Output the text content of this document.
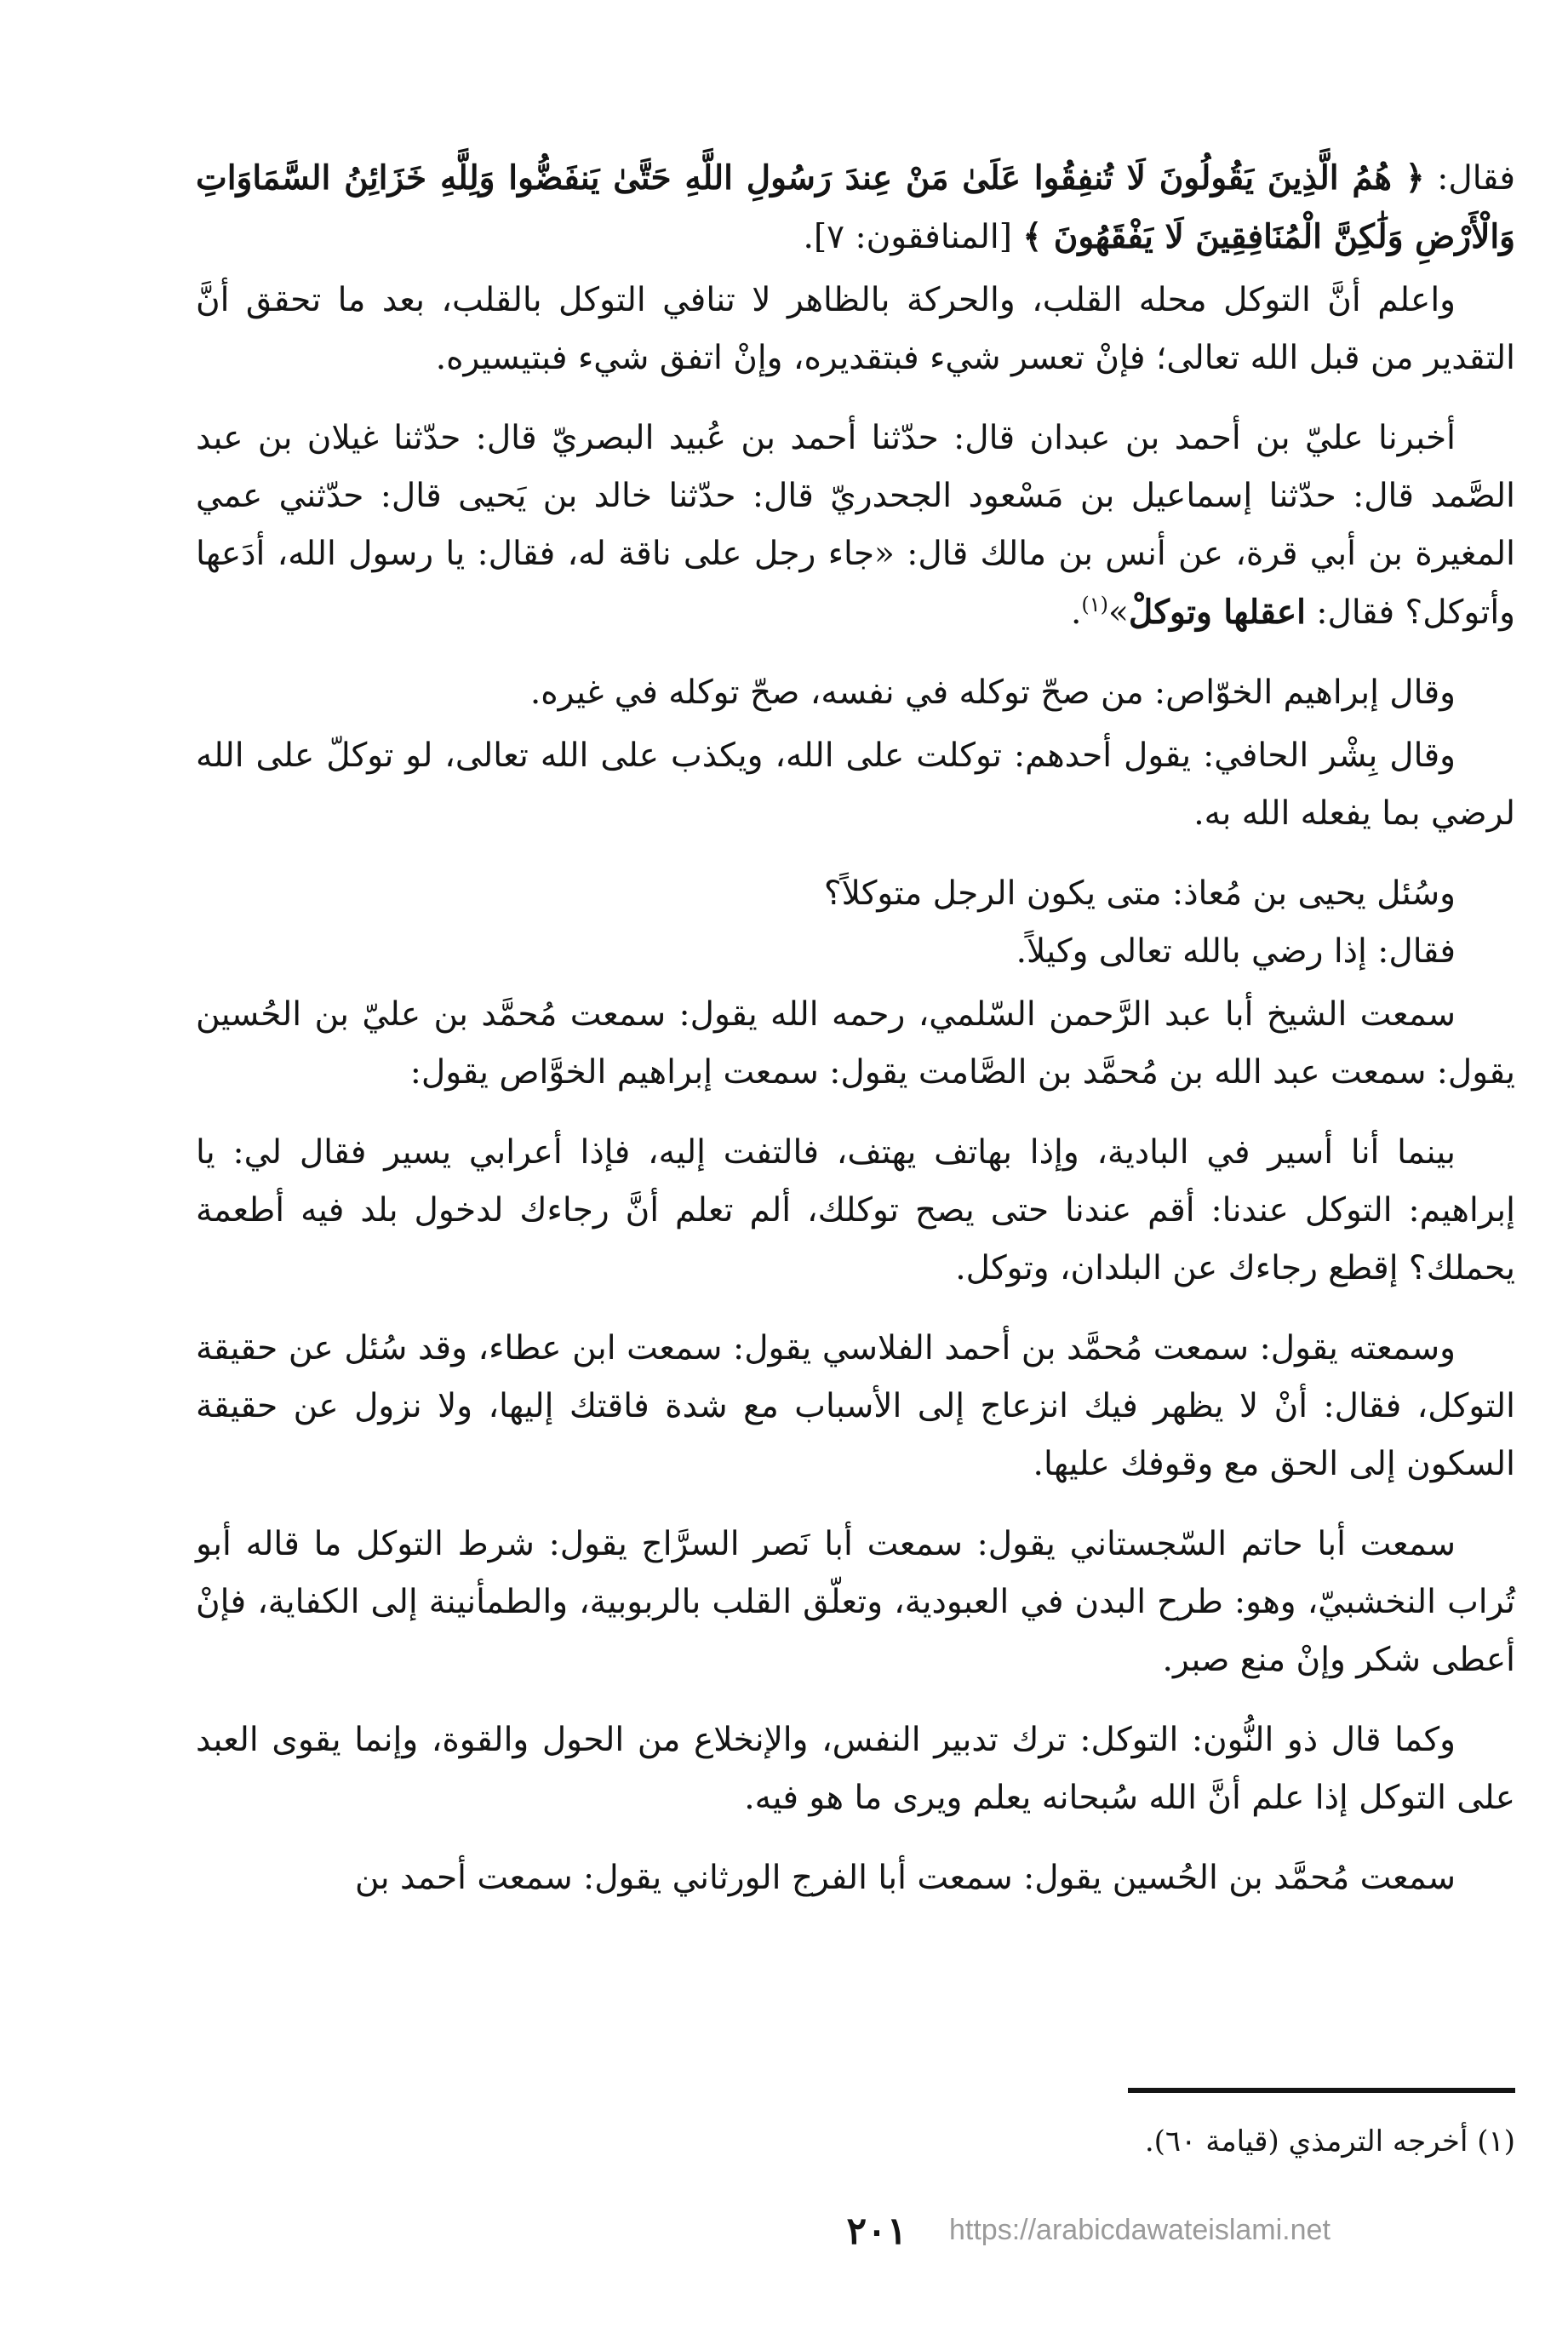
فقال: ﴿ هُمُ الَّذِينَ يَقُولُونَ لَا تُنفِقُوا عَلَىٰ مَنْ عِندَ رَسُولِ اللَّهِ حَتَّىٰ يَنفَضُّوا وَلِلَّهِ خَزَائِنُ السَّمَاوَاتِ وَالْأَرْضِ وَلَٰكِنَّ الْمُنَافِقِينَ لَا يَفْقَهُونَ ﴾ [المنافقون: ٧].

واعلم أنَّ التوكل محله القلب، والحركة بالظاهر لا تنافي التوكل بالقلب، بعد ما تحقق أنَّ التقدير من قبل الله تعالى؛ فإنْ تعسر شيء فبتقديره، وإنْ اتفق شيء فبتيسيره.

أخبرنا عليّ بن أحمد بن عبدان قال: حدّثنا أحمد بن عُبيد البصريّ قال: حدّثنا غيلان بن عبد الصَّمد قال: حدّثنا إسماعيل بن مَسْعود الجحدريّ قال: حدّثنا خالد بن يَحيى قال: حدّثني عمي المغيرة بن أبي قرة، عن أنس بن مالك قال: «جاء رجل على ناقة له، فقال: يا رسول الله، أدَعها وأتوكل؟ فقال: اعقلها وتوكلْ»$^{(١)}$.

وقال إبراهيم الخوّاص: من صحّ توكله في نفسه، صحّ توكله في غيره.

وقال بِشْر الحافي: يقول أحدهم: توكلت على الله، ويكذب على الله تعالى، لو توكلّ على الله لرضي بما يفعله الله به.

وسُئل يحيى بن مُعاذ: متى يكون الرجل متوكلاً؟

فقال: إذا رضي بالله تعالى وكيلاً.

سمعت الشيخ أبا عبد الرَّحمن السّلمي، رحمه الله يقول: سمعت مُحمَّد بن عليّ بن الحُسين يقول: سمعت عبد الله بن مُحمَّد بن الصَّامت يقول: سمعت إبراهيم الخوَّاص يقول:

بينما أنا أسير في البادية، وإذا بهاتف يهتف، فالتفت إليه، فإذا أعرابي يسير فقال لي: يا إبراهيم: التوكل عندنا: أقم عندنا حتى يصح توكلك، ألم تعلم أنَّ رجاءك لدخول بلد فيه أطعمة يحملك؟ إقطع رجاءك عن البلدان، وتوكل.

وسمعته يقول: سمعت مُحمَّد بن أحمد الفلاسي يقول: سمعت ابن عطاء، وقد سُئل عن حقيقة التوكل، فقال: أنْ لا يظهر فيك انزعاج إلى الأسباب مع شدة فاقتك إليها، ولا نزول عن حقيقة السكون إلى الحق مع وقوفك عليها.

سمعت أبا حاتم السّجستاني يقول: سمعت أبا نَصر السرَّاج يقول: شرط التوكل ما قاله أبو تُراب النخشبيّ، وهو: طرح البدن في العبودية، وتعلّق القلب بالربوبية، والطمأنينة إلى الكفاية، فإنْ أعطى شكر وإنْ منع صبر.

وكما قال ذو النُّون: التوكل: ترك تدبير النفس، والإنخلاع من الحول والقوة، وإنما يقوى العبد على التوكل إذا علم أنَّ الله سُبحانه يعلم ويرى ما هو فيه.

سمعت مُحمَّد بن الحُسين يقول: سمعت أبا الفرج الورثاني يقول: سمعت أحمد بن

(١) أخرجه الترمذي (قيامة ٦٠).
٢٠١	https://arabicdawateislami.net
